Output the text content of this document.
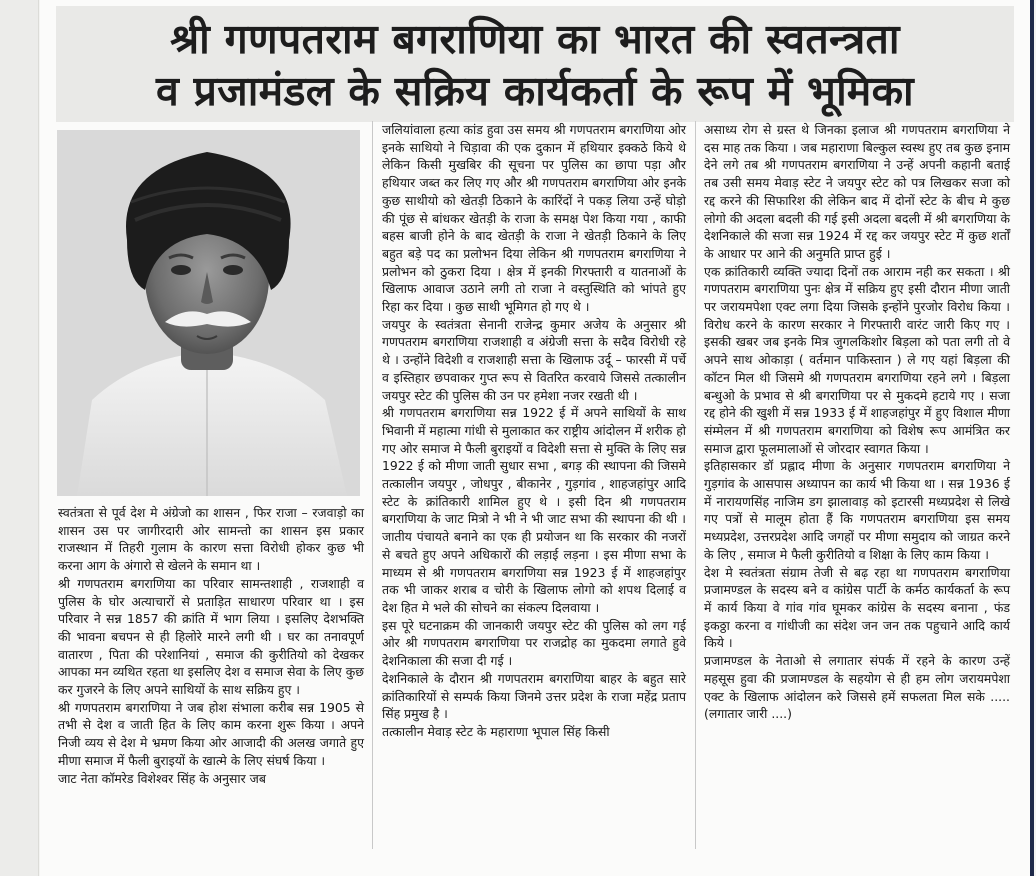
श्री गणपतराम बगराणिया का भारत की स्वतन्त्रता
व प्रजामंडल के सक्रिय कार्यकर्ता के रूप में भूमिका

स्वतंत्रता से पूर्व देश मे अंग्रेजो का शासन , फिर राजा – रजवाड़ो का शासन उस पर जागीरदारी ओर सामन्तो का शासन इस प्रकार राजस्थान में तिहरी गुलाम के कारण सत्ता विरोधी होकर कुछ भी करना आग के अंगारो से खेलने के समान था ।

श्री गणपतराम बगराणिया का परिवार सामन्तशाही , राजशाही व पुलिस के घोर अत्याचारों से प्रताड़ित साधारण परिवार था । इस परिवार ने सन्न 1857 की क्रांति में भाग लिया । इसलिए देशभक्ति की भावना बचपन से ही हिलोरे मारने लगी थी । घर का तनावपूर्ण वातारण , पिता की परेशानियां , समाज की कुरीतियो को देखकर आपका मन व्यथित रहता था इसलिए देश व समाज सेवा के लिए कुछ कर गुजरने के लिए अपने साथियों के साथ सक्रिय हुए ।

श्री गणपतराम बगराणिया ने जब होश संभाला करीब सन्न 1905 से तभी से देश व जाती हित के लिए काम करना शुरू किया । अपने निजी व्यय से देश मे भ्रमण किया ओर आजादी की अलख जगाते हुए मीणा समाज में फैली बुराइयों के खात्मे के लिए संघर्ष किया ।

जाट नेता कॉमरेड विशेश्वर सिंह के अनुसार जब

जलियांवाला हत्या कांड हुवा उस समय श्री गणपतराम बगराणिया ओर इनके साथियो ने चिड़ावा की एक दुकान में हथियार इक्कठे किये थे लेकिन किसी मुखबिर की सूचना पर पुलिस का छापा पड़ा और हथियार जब्त कर लिए गए और श्री गणपतराम बगराणिया ओर इनके कुछ साथीयो को खेतड़ी ठिकाने के कारिंदों ने पकड़ लिया उन्हें घोड़ो की पूंछ से बांधकर खेतड़ी के राजा के समक्ष पेश किया गया , काफी बहस बाजी होने के बाद खेतड़ी के राजा ने खेतड़ी ठिकाने के लिए बहुत बड़े पद का प्रलोभन दिया लेकिन श्री गणपतराम बगराणिया ने प्रलोभन को ठुकरा दिया । क्षेत्र में इनकी गिरफ्तारी व यातनाओं के खिलाफ आवाज उठाने लगी तो राजा ने वस्तुस्थिति को भांपते हुए रिहा कर दिया । कुछ साथी भूमिगत हो गए थे ।

जयपुर के स्वतंत्रता सेनानी राजेन्द्र कुमार अजेय के अनुसार श्री गणपतराम बगराणिया राजशाही व अंग्रेजी सत्ता के सदैव विरोधी रहे थे । उन्होंने विदेशी व राजशाही सत्ता के खिलाफ उर्दू – फारसी में पर्चे व इस्तिहार छपवाकर गुप्त रूप से वितरित करवाये जिससे तत्कालीन जयपुर स्टेट की पुलिस की उन पर हमेशा नजर रखती थी ।

श्री गणपतराम बगराणिया सन्न 1922 ई में अपने साथियों के साथ भिवानी में महात्मा गांधी से मुलाकात कर राष्ट्रीय आंदोलन में शरीक हो गए ओर समाज मे फैली बुराइयों व विदेशी सत्ता से मुक्ति के लिए सन्न 1922 ई को मीणा जाती सुधार सभा , बगड़ की स्थापना की जिसमे तत्कालीन जयपुर , जोधपुर , बीकानेर , गुड़गांव , शाहजहांपुर आदि स्टेट के क्रांतिकारी शामिल हुए थे । इसी दिन श्री गणपतराम बगराणिया के जाट मित्रो ने भी ने भी जाट सभा की स्थापना की थी । जातीय पंचायते बनाने का एक ही प्रयोजन था कि सरकार की नजरों से बचते हुए अपने अधिकारों की लड़ाई लड़ना । इस मीणा सभा के माध्यम से श्री गणपतराम बगराणिया सन्न 1923 ई में शाहजहांपुर तक भी जाकर शराब व चोरी के खिलाफ लोगो को शपथ दिलाई व देश हित मे भले की सोचने का संकल्प दिलवाया ।

इस पूरे घटनाक्रम की जानकारी जयपुर स्टेट की पुलिस को लग गई ओर श्री गणपतराम बगराणिया पर राजद्रोह का मुकदमा लगाते हुवे देशनिकाला की सजा दी गई ।

देशनिकाले के दौरान श्री गणपतराम बगराणिया बाहर के बहुत सारे क्रांतिकारियों से सम्पर्क किया जिनमे उत्तर प्रदेश के राजा महेंद्र प्रताप सिंह प्रमुख है ।

तत्कालीन मेवाड़ स्टेट के महाराणा भूपाल सिंह किसी

असाध्य रोग से ग्रस्त थे जिनका इलाज श्री गणपतराम बगराणिया ने दस माह तक किया । जब महाराणा बिल्कुल स्वस्थ हुए तब कुछ इनाम देने लगे तब श्री गणपतराम बगराणिया ने उन्हें अपनी कहानी बताई तब उसी समय मेवाड़ स्टेट ने जयपुर स्टेट को पत्र लिखकर सजा को रद्द करने की सिफारिश की लेकिन बाद में दोनों स्टेट के बीच मे कुछ लोगो की अदला बदली की गई इसी अदला बदली में श्री बगराणिया के देशनिकाले की सजा सन्न 1924 में रद्द कर जयपुर स्टेट में कुछ शर्तों के आधार पर आने की अनुमति प्राप्त हुई ।

एक क्रांतिकारी व्यक्ति ज्यादा दिनों तक आराम नही कर सकता । श्री गणपतराम बगराणिया पुनः क्षेत्र में सक्रिय हुए इसी दौरान मीणा जाती पर जरायमपेशा एक्ट लगा दिया जिसके इन्होंने पुरजोर विरोध किया । विरोध करने के कारण सरकार ने गिरफ्तारी वारंट जारी किए गए । इसकी खबर जब इनके मित्र जुगलकिशोर बिड़ला को पता लगी तो वे अपने साथ ओकाड़ा ( वर्तमान पाकिस्तान ) ले गए यहां बिड़ला की कॉटन मिल थी जिसमे श्री गणपतराम बगराणिया रहने लगे । बिड़ला बन्धुओ के प्रभाव से श्री बगराणिया पर से मुकदमे हटाये गए । सजा रद्द होने की खुशी में सन्न 1933 ई में शाहजहांपुर में हुए विशाल मीणा संम्मेलन में श्री गणपतराम बगराणिया को विशेष रूप आमंत्रित कर समाज द्वारा फूलमालाओं से जोरदार स्वागत किया ।

इतिहासकार डॉ प्रह्लाद मीणा के अनुसार गणपतराम बगराणिया ने गुड़गांव के आसपास अध्यापन का कार्य भी किया था । सन्न 1936 ई में नारायणसिंह नाजिम डग झालावाड़ को इटारसी मध्यप्रदेश से लिखे गए पत्रों से मालूम होता हैं कि गणपतराम बगराणिया इस समय मध्यप्रदेश, उत्तरप्रदेश आदि जगहों पर मीणा समुदाय को जाग्रत करने के लिए , समाज मे फैली कुरीतियो व शिक्षा के लिए काम किया ।

देश मे स्वतंत्रता संग्राम तेजी से बढ़ रहा था गणपतराम बगराणिया प्रजामण्डल के सदस्य बने व कांग्रेस पार्टी के कर्मठ कार्यकर्ता के रूप में कार्य किया वे गांव गांव घूमकर कांग्रेस के सदस्य बनाना , फंड इकठ्ठा करना व गांधीजी का संदेश जन जन तक पहुचाने आदि कार्य किये ।

प्रजामण्डल के नेताओ से लगातार संपर्क में रहने के कारण उन्हें महसूस हुवा की प्रजामण्डल के सहयोग से ही हम लोग जरायमपेशा एक्ट के खिलाफ आंदोलन करे जिससे हमें सफलता मिल सके ..... (लगातार जारी ....)
